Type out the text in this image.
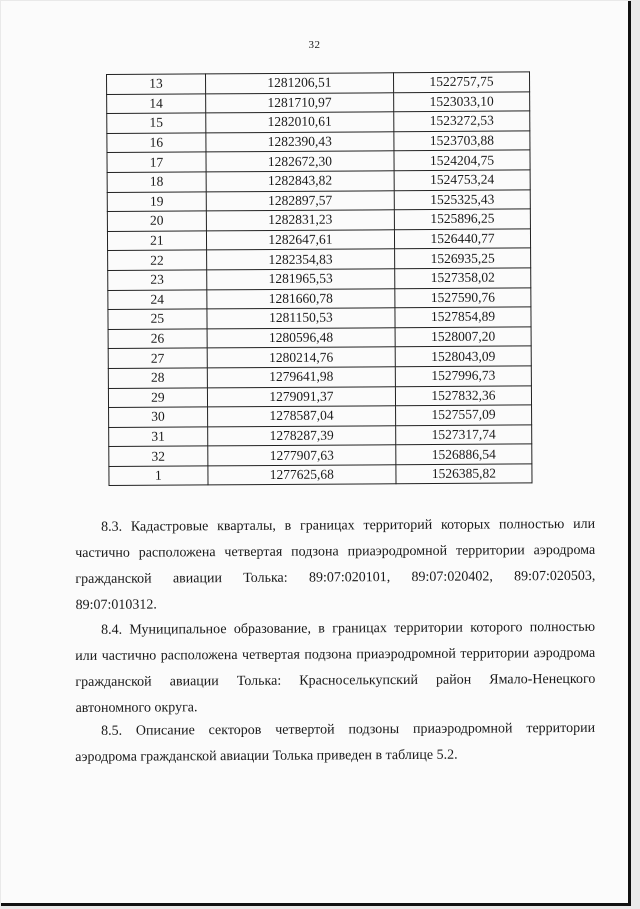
32
13	1281206,51	1522757,75
14	1281710,97	1523033,10
15	1282010,61	1523272,53
16	1282390,43	1523703,88
17	1282672,30	1524204,75
18	1282843,82	1524753,24
19	1282897,57	1525325,43
20	1282831,23	1525896,25
21	1282647,61	1526440,77
22	1282354,83	1526935,25
23	1281965,53	1527358,02
24	1281660,78	1527590,76
25	1281150,53	1527854,89
26	1280596,48	1528007,20
27	1280214,76	1528043,09
28	1279641,98	1527996,73
29	1279091,37	1527832,36
30	1278587,04	1527557,09
31	1278287,39	1527317,74
32	1277907,63	1526886,54
1	1277625,68	1526385,82
8.3. Кадастровые кварталы, в границах территорий которых полностью или
частично расположена четвертая подзона приаэродромной территории аэродрома
гражданской авиации Толька: 89:07:020101, 89:07:020402, 89:07:020503,
89:07:010312.
8.4. Муниципальное образование, в границах территории которого полностью
или частично расположена четвертая подзона приаэродромной территории аэродрома
гражданской авиации Толька: Красноселькупский район Ямало-Ненецкого
автономного округа.
8.5. Описание секторов четвертой подзоны приаэродромной территории
аэродрома гражданской авиации Толька приведен в таблице 5.2.
